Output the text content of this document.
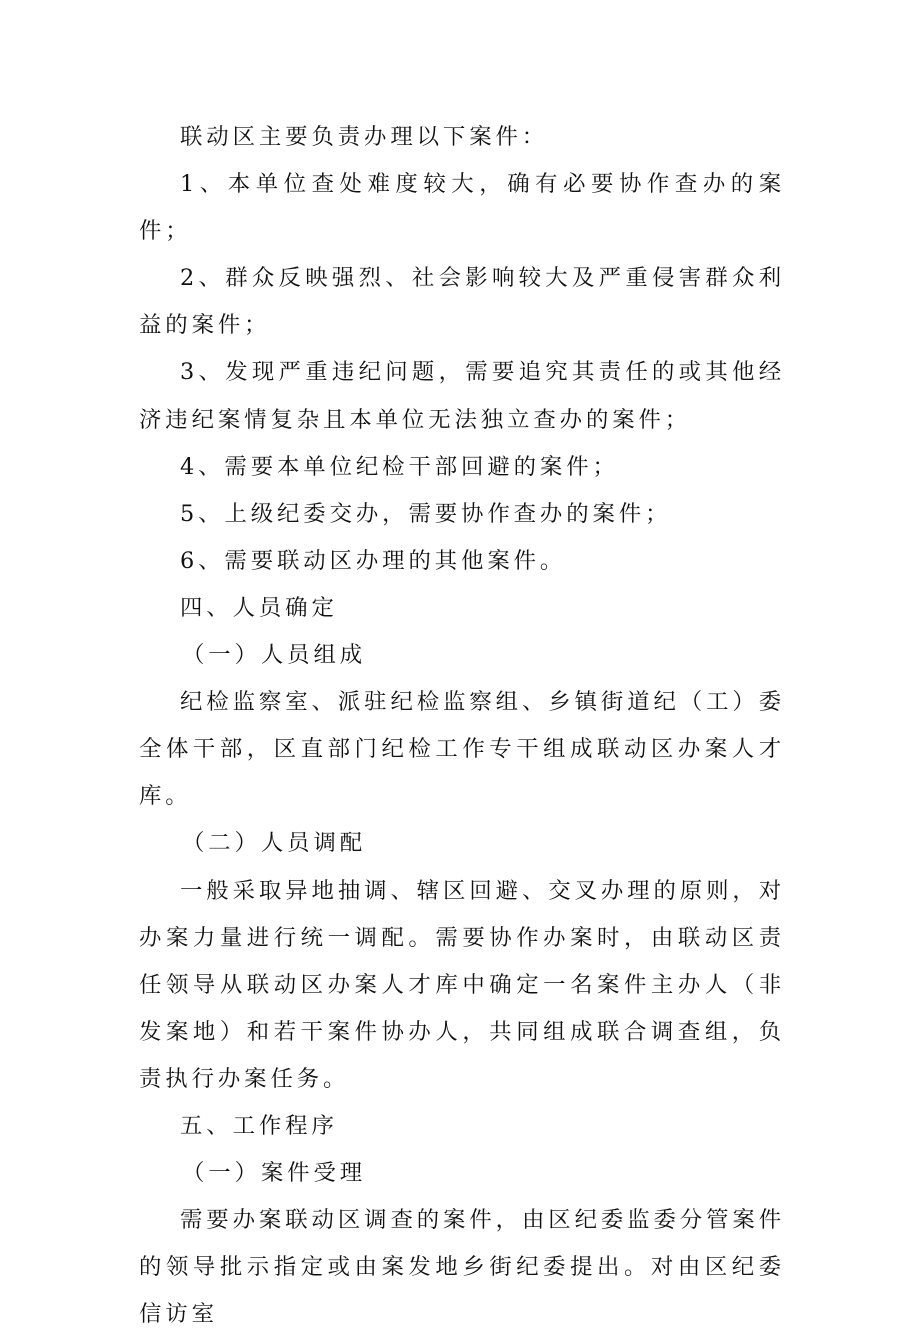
联动区主要负责办理以下案件：

1、本单位查处难度较大，确有必要协作查办的案件；

2、群众反映强烈、社会影响较大及严重侵害群众利益的案件；

3、发现严重违纪问题，需要追究其责任的或其他经济违纪案情复杂且本单位无法独立查办的案件；

4、需要本单位纪检干部回避的案件；

5、上级纪委交办，需要协作查办的案件；

6、需要联动区办理的其他案件。

四、人员确定

（一）人员组成

纪检监察室、派驻纪检监察组、乡镇街道纪（工）委全体干部，区直部门纪检工作专干组成联动区办案人才库。

（二）人员调配

一般采取异地抽调、辖区回避、交叉办理的原则，对办案力量进行统一调配。需要协作办案时，由联动区责任领导从联动区办案人才库中确定一名案件主办人（非发案地）和若干案件协办人，共同组成联合调查组，负责执行办案任务。

五、工作程序

（一）案件受理

需要办案联动区调查的案件，由区纪委监委分管案件的领导批示指定或由案发地乡街纪委提出。对由区纪委信访室
